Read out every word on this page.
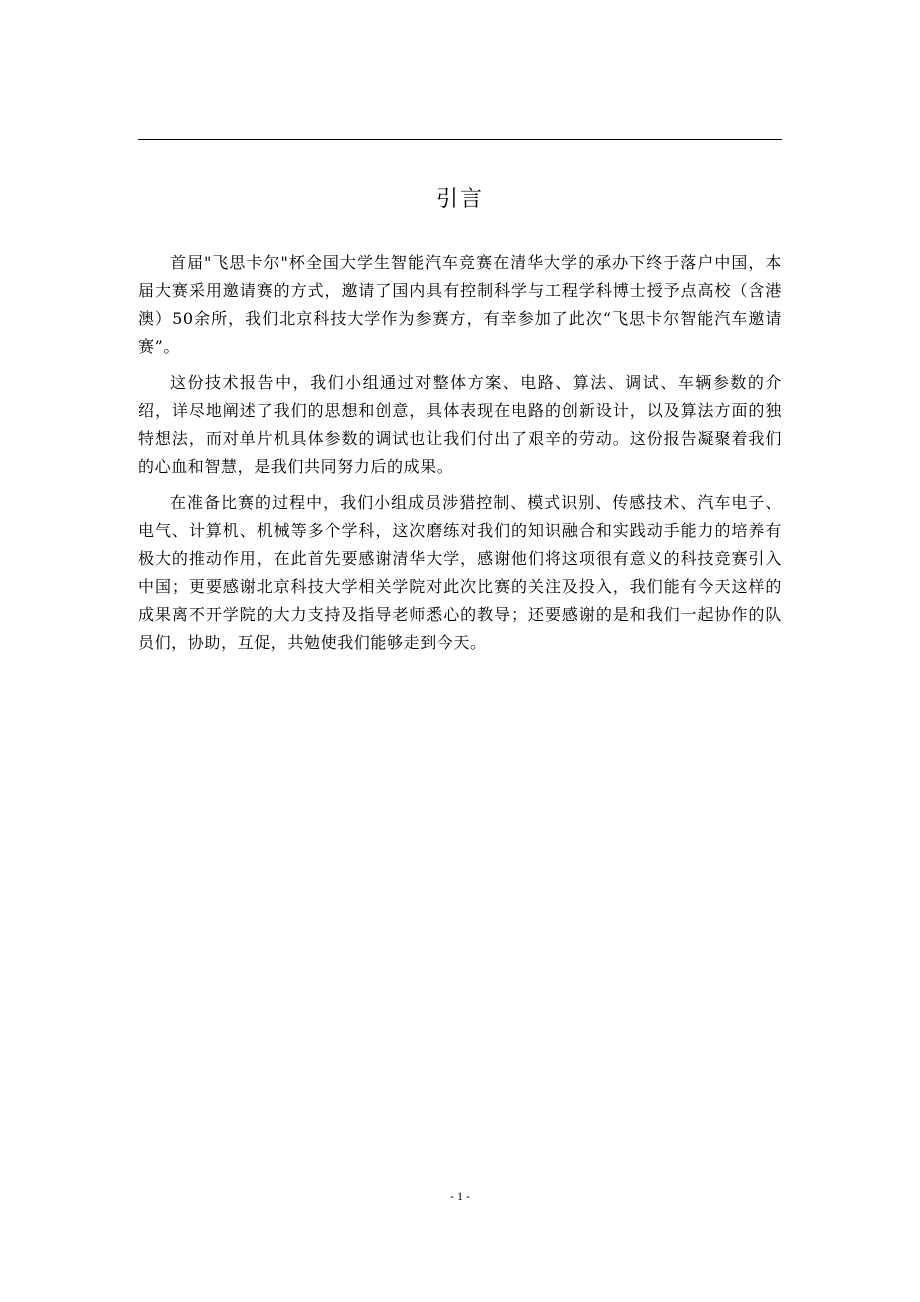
引言

首届"飞思卡尔"杯全国大学生智能汽车竞赛在清华大学的承办下终于落户中国，本届大赛采用邀请赛的方式，邀请了国内具有控制科学与工程学科博士授予点高校（含港澳）50余所，我们北京科技大学作为参赛方，有幸参加了此次“飞思卡尔智能汽车邀请赛”。

这份技术报告中，我们小组通过对整体方案、电路、算法、调试、车辆参数的介绍，详尽地阐述了我们的思想和创意，具体表现在电路的创新设计，以及算法方面的独特想法，而对单片机具体参数的调试也让我们付出了艰辛的劳动。这份报告凝聚着我们的心血和智慧，是我们共同努力后的成果。

在准备比赛的过程中，我们小组成员涉猎控制、模式识别、传感技术、汽车电子、电气、计算机、机械等多个学科，这次磨练对我们的知识融合和实践动手能力的培养有极大的推动作用，在此首先要感谢清华大学，感谢他们将这项很有意义的科技竞赛引入中国；更要感谢北京科技大学相关学院对此次比赛的关注及投入，我们能有今天这样的成果离不开学院的大力支持及指导老师悉心的教导；还要感谢的是和我们一起协作的队员们，协助，互促，共勉使我们能够走到今天。

- 1 -
